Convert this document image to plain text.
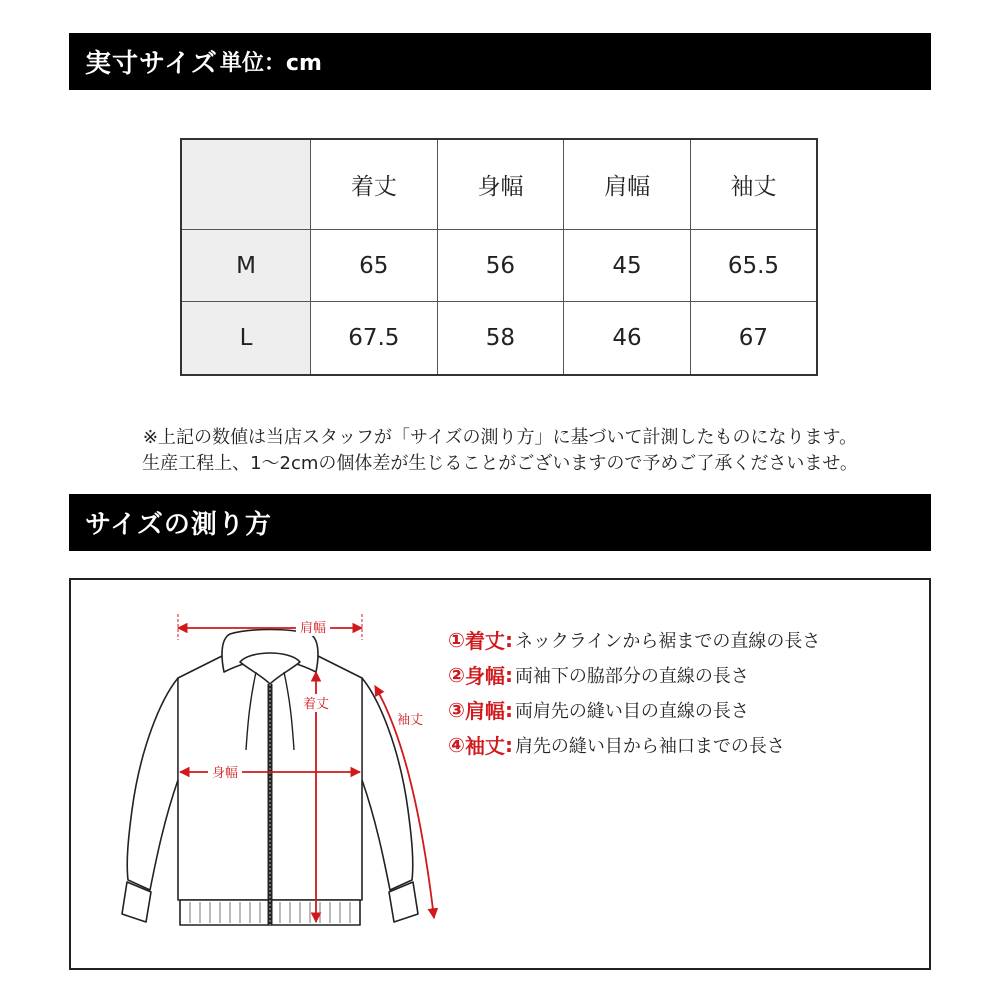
実寸サイズ 単位：cm
	着丈	身幅	肩幅	袖丈
M	65	56	45	65.5
L	67.5	58	46	67
※上記の数値は当店スタッフが「サイズの測り方」に基づいて計測したものになります。
生産工程上、1〜2cmの個体差が生じることがございますので予めご了承くださいませ。
サイズの測り方
肩幅
着丈
身幅
袖丈
① 着丈 : ネックラインから裾までの直線の長さ
② 身幅 : 両袖下の脇部分の直線の長さ
③ 肩幅 : 両肩先の縫い目の直線の長さ
④ 袖丈 : 肩先の縫い目から袖口までの長さ
